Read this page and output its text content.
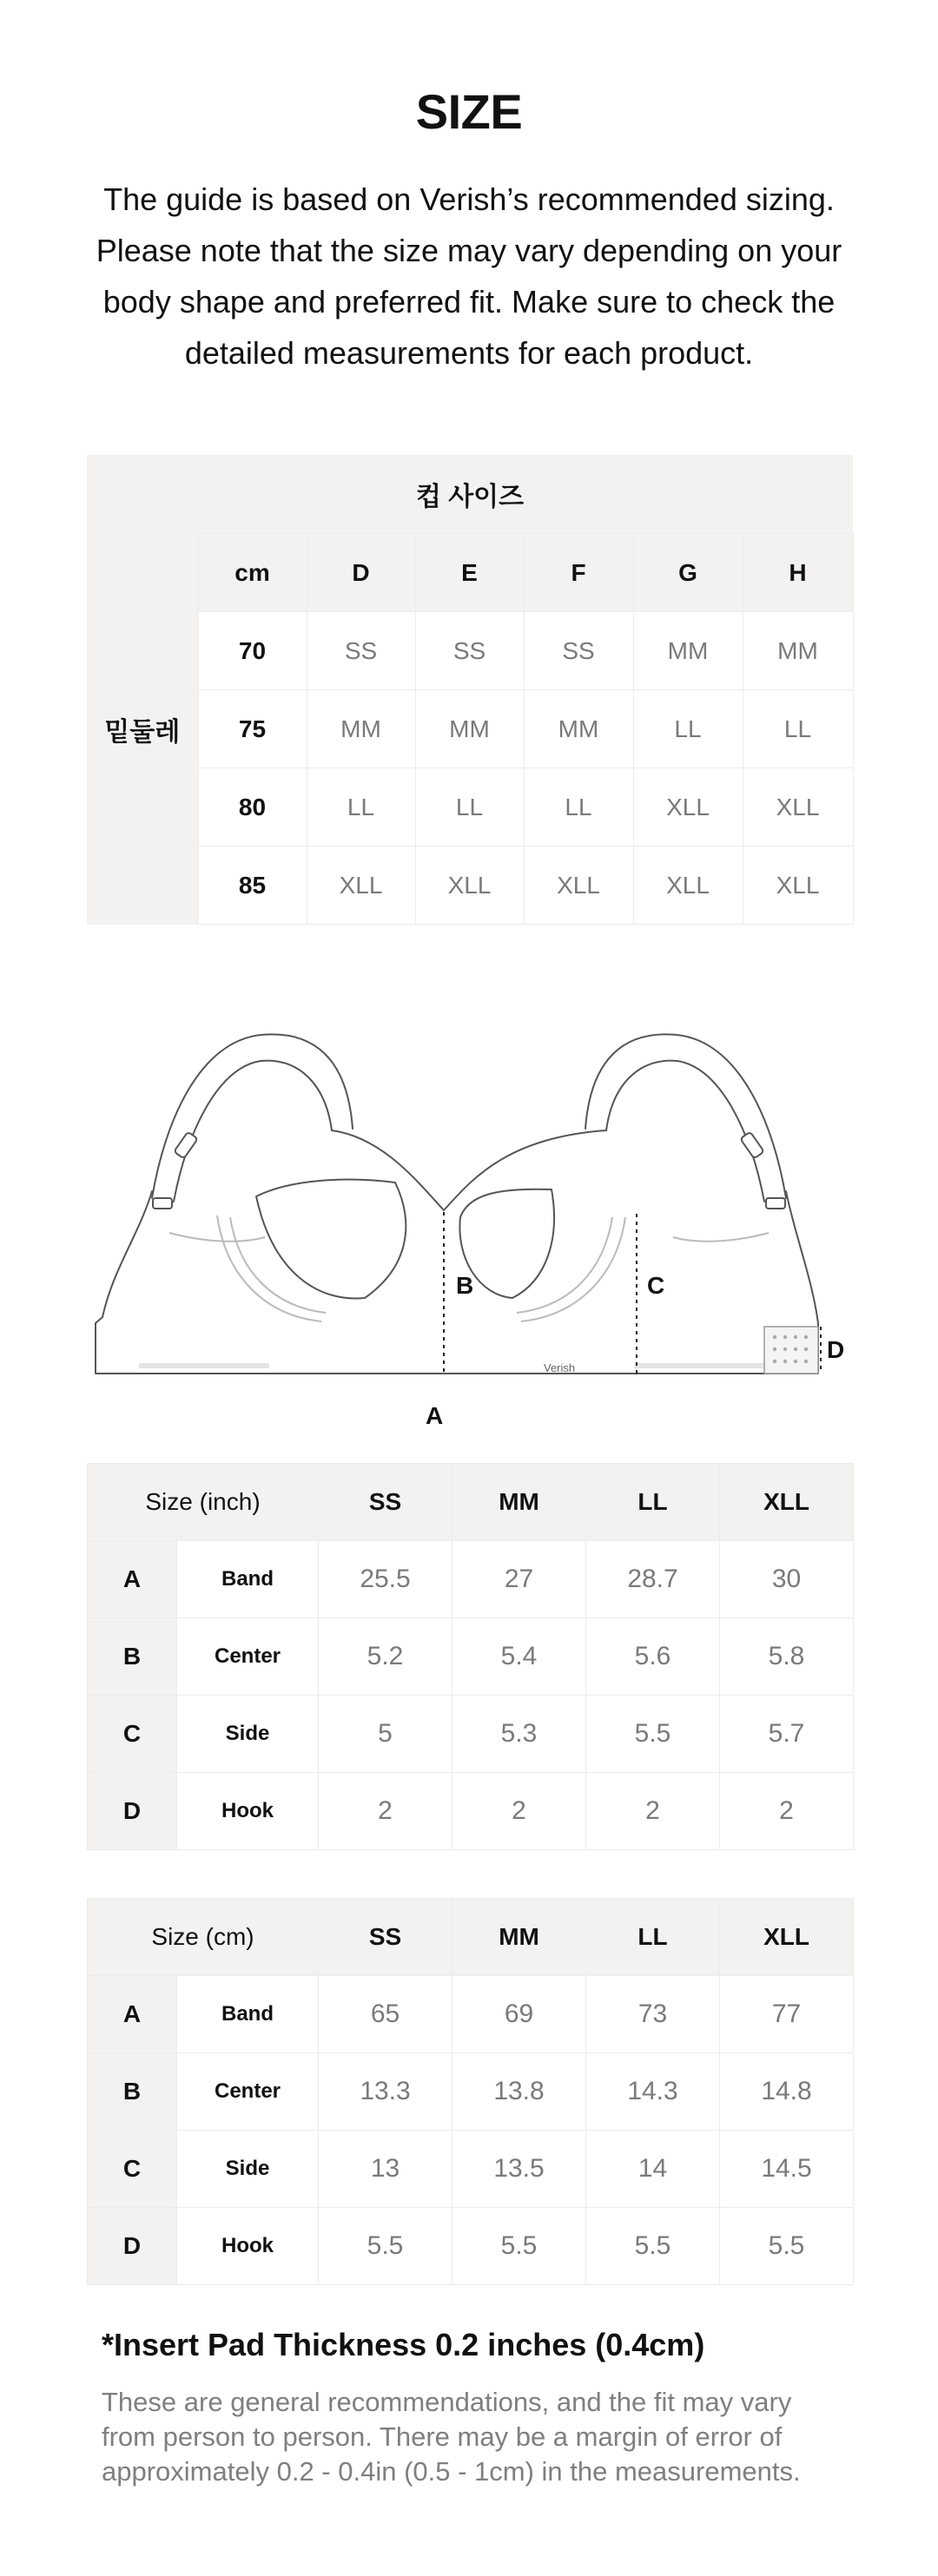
SIZE

The guide is based on Verish’s recommended sizing. Please note that the size may vary depending on your body shape and preferred fit. Make sure to check the detailed measurements for each product.

컵 사이즈						
밑둘레	cm	D	E	F	G	H
	70	SS	SS	SS	MM	MM
	75	MM	MM	MM	LL	LL
	80	LL	LL	LL	XLL	XLL
	85	XLL	XLL	XLL	XLL	XLL
B	C
D
Verish
A
Size (inch)		SS	MM	LL	XLL
A	Band	25.5	27	28.7	30
B	Center	5.2	5.4	5.6	5.8
C	Side	5	5.3	5.5	5.7
D	Hook	2	2	2	2
Size (cm)		SS	MM	LL	XLL
A	Band	65	69	73	77
B	Center	13.3	13.8	14.3	14.8
C	Side	13	13.5	14	14.5
D	Hook	5.5	5.5	5.5	5.5

*Insert Pad Thickness 0.2 inches (0.4cm)

These are general recommendations, and the fit may vary from person to person. There may be a margin of error of approximately 0.2 - 0.4in (0.5 - 1cm) in the measurements.
